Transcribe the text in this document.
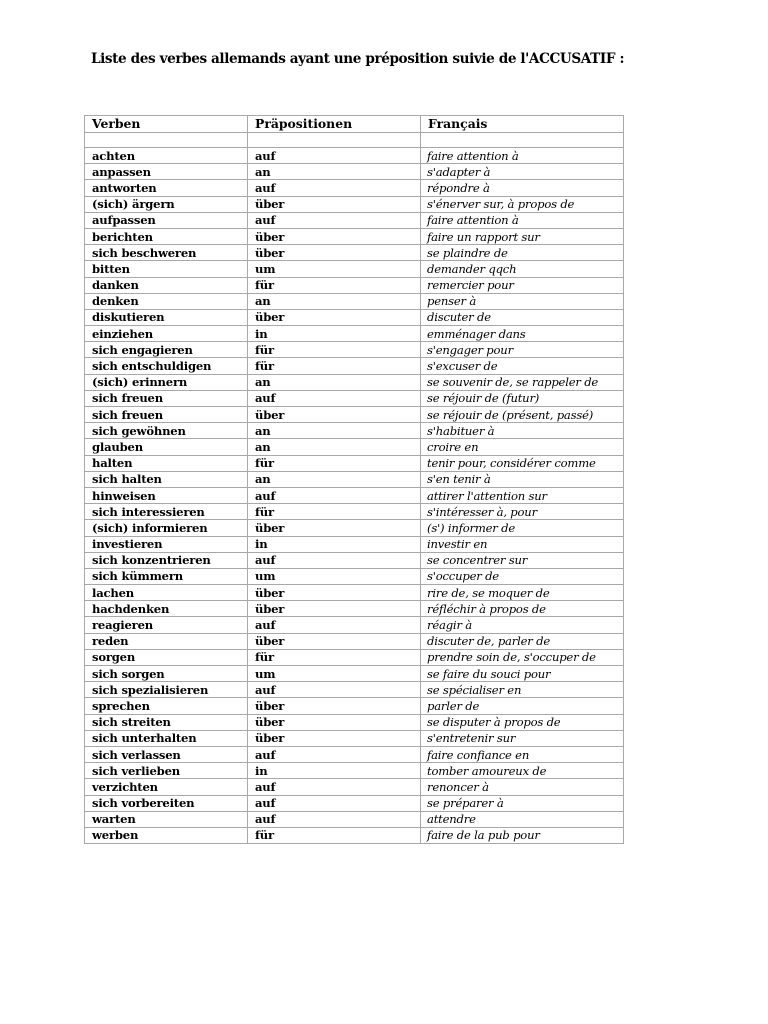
Liste des verbes allemands ayant une préposition suivie de l'ACCUSATIF :
Verben	Präpositionen	Français

achten	auf	faire attention à
anpassen	an	s'adapter à
antworten	auf	répondre à
(sich) ärgern	über	s'énerver sur, à propos de
aufpassen	auf	faire attention à
berichten	über	faire un rapport sur
sich beschweren	über	se plaindre de
bitten	um	demander qqch
danken	für	remercier pour
denken	an	penser à
diskutieren	über	discuter de
einziehen	in	emménager dans
sich engagieren	für	s'engager pour
sich entschuldigen	für	s'excuser de
(sich) erinnern	an	se souvenir de, se rappeler de
sich freuen	auf	se réjouir de (futur)
sich freuen	über	se réjouir de (présent, passé)
sich gewöhnen	an	s'habituer à
glauben	an	croire en
halten	für	tenir pour, considérer comme
sich halten	an	s'en tenir à
hinweisen	auf	attirer l'attention sur
sich interessieren	für	s'intéresser à, pour
(sich) informieren	über	(s') informer de
investieren	in	investir en
sich konzentrieren	auf	se concentrer sur
sich kümmern	um	s'occuper de
lachen	über	rire de, se moquer de
hachdenken	über	réfléchir à propos de
reagieren	auf	réagir à
reden	über	discuter de, parler de
sorgen	für	prendre soin de, s'occuper de
sich sorgen	um	se faire du souci pour
sich spezialisieren	auf	se spécialiser en
sprechen	über	parler de
sich streiten	über	se disputer à propos de
sich unterhalten	über	s'entretenir sur
sich verlassen	auf	faire confiance en
sich verlieben	in	tomber amoureux de
verzichten	auf	renoncer à
sich vorbereiten	auf	se préparer à
warten	auf	attendre
werben	für	faire de la pub pour
